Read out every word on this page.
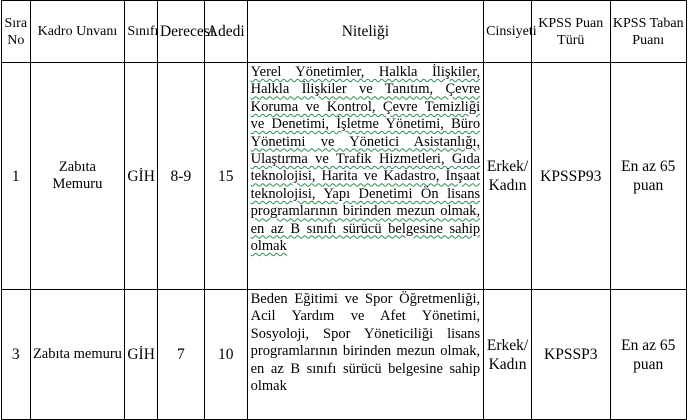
Sıra No	Kadro Unvanı	Sınıfı	Derecesi	Adedi	Niteliği	Cinsiyeti	KPSS Puan Türü	KPSS Taban Puanı
1	Zabıta Memuru	GİH	8-9	15	Yerel Yönetimler, Halkla İlişkiler, Halkla İlişkiler ve Tanıtım, Çevre Koruma ve Kontrol, Çevre Temizliği ve Denetimi, İşletme Yönetimi, Büro Yönetimi ve Yönetici Asistanlığı, Ulaştırma ve Trafik Hizmetleri, Gıda teknolojisi, Harita ve Kadastro, İnşaat teknolojisi, Yapı Denetimi Ön lisans programlarının birinden mezun olmak, en az B sınıfı sürücü belgesine sahip olmak	Erkek/ Kadın	KPSSP93	En az 65 puan
3	Zabıta memuru	GİH	7	10	Beden Eğitimi ve Spor Öğretmenliği, Acil Yardım ve Afet Yönetimi, Sosyoloji, Spor Yöneticiliği lisans programlarının birinden mezun olmak, en az B sınıfı sürücü belgesine sahip olmak	Erkek/ Kadın	KPSSP3	En az 65 puan
